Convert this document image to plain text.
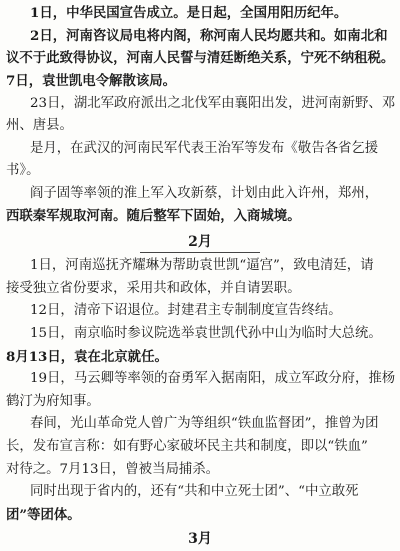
1日，中华民国宣告成立。是日起，全国用阳历纪年。
2日，河南咨议局电将内阁，称河南人民均愿共和。如南北和
议不于此致得协议，河南人民誓与清廷断绝关系，宁死不纳租税。
7日，袁世凯电令解散该局。
23日，湖北军政府派出之北伐军由襄阳出发，进河南新野、邓
州、唐县。
是月，在武汉的河南民军代表王治军等发布《敬告各省乞援
书》。
阎子固等率领的淮上军入攻新蔡，计划由此入许州，郑州，
西联秦军规取河南。随后整军下固始，入商城境。
2月
1日，河南巡抚齐耀琳为帮助袁世凯“逼宫”，致电清廷，请
接受独立省份要求，采用共和政体，并自请罢职。
12日，清帝下诏退位。封建君主专制制度宣告终结。
15日，南京临时参议院选举袁世凯代孙中山为临时大总统。
8月13日，袁在北京就任。
19日，马云卿等率领的奋勇军入据南阳，成立军政分府，推杨
鹤汀为府知事。
春间，光山革命党人曾广为等组织“铁血监督团”，推曾为团
长，发布宣言称：如有野心家破坏民主共和制度，即以“铁血”
对待之。7月13日，曾被当局捕杀。
同时出现于省内的，还有“共和中立死士团”、“中立敢死
团”等团体。
3月
